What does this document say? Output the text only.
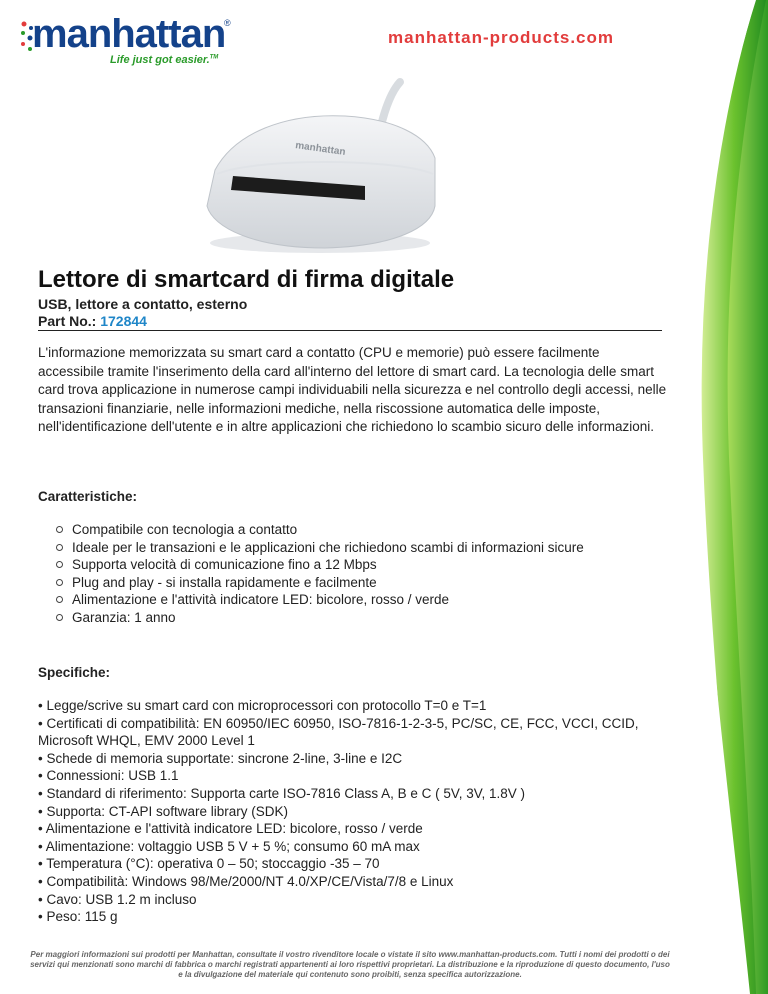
manhattan
®
Life just got easier.™
manhattan-products.com
manhattan
Lettore di smartcard di firma digitale
USB, lettore a contatto, esterno
Part No.: 172844

L'informazione memorizzata su smart card a contatto (CPU e memorie) può essere facilmente accessibile tramite l'inserimento della card all'interno del lettore di smart card. La tecnologia delle smart card trova applicazione in numerose campi individuabili nella sicurezza e nel controllo degli accessi, nelle transazioni finanziarie, nelle informazioni mediche, nella riscossione automatica delle imposte, nell'identificazione dell'utente e in altre applicazioni che richiedono lo scambio sicuro delle informazioni.

Caratteristiche:
Compatibile con tecnologia a contatto
Ideale per le transazioni e le applicazioni che richiedono scambi di informazioni sicure
Supporta velocità di comunicazione fino a 12 Mbps
Plug and play - si installa rapidamente e facilmente
Alimentazione e l'attività indicatore LED: bicolore, rosso / verde
Garanzia: 1 anno
Specifiche:
• Legge/scrive su smart card con microprocessori con protocollo T=0 e T=1
• Certificati di compatibilità: EN 60950/IEC 60950, ISO-7816-1-2-3-5, PC/SC, CE, FCC, VCCI, CCID, Microsoft WHQL, EMV 2000 Level 1
• Schede di memoria supportate: sincrone 2-line, 3-line e I2C
• Connessioni: USB 1.1
• Standard di riferimento: Supporta carte ISO-7816 Class A, B e C ( 5V, 3V, 1.8V )
• Supporta: CT-API software library (SDK)
• Alimentazione e l'attività indicatore LED: bicolore, rosso / verde
• Alimentazione: voltaggio USB 5 V + 5 %; consumo 60 mA max
• Temperatura (°C): operativa 0 – 50; stoccaggio -35 – 70
• Compatibilità: Windows 98/Me/2000/NT 4.0/XP/CE/Vista/7/8 e Linux
• Cavo: USB 1.2 m incluso
• Peso: 115 g
Per maggiori informazioni sui prodotti per Manhattan, consultate il vostro rivenditore locale o vistate il sito www.manhattan-products.com. Tutti i nomi dei prodotti o dei servizi qui menzionati sono marchi di fabbrica o marchi registrati appartenenti ai loro rispettivi proprietari. La distribuzione e la riproduzione di questo documento, l'uso e la divulgazione del materiale qui contenuto sono proibiti, senza specifica autorizzazione.
